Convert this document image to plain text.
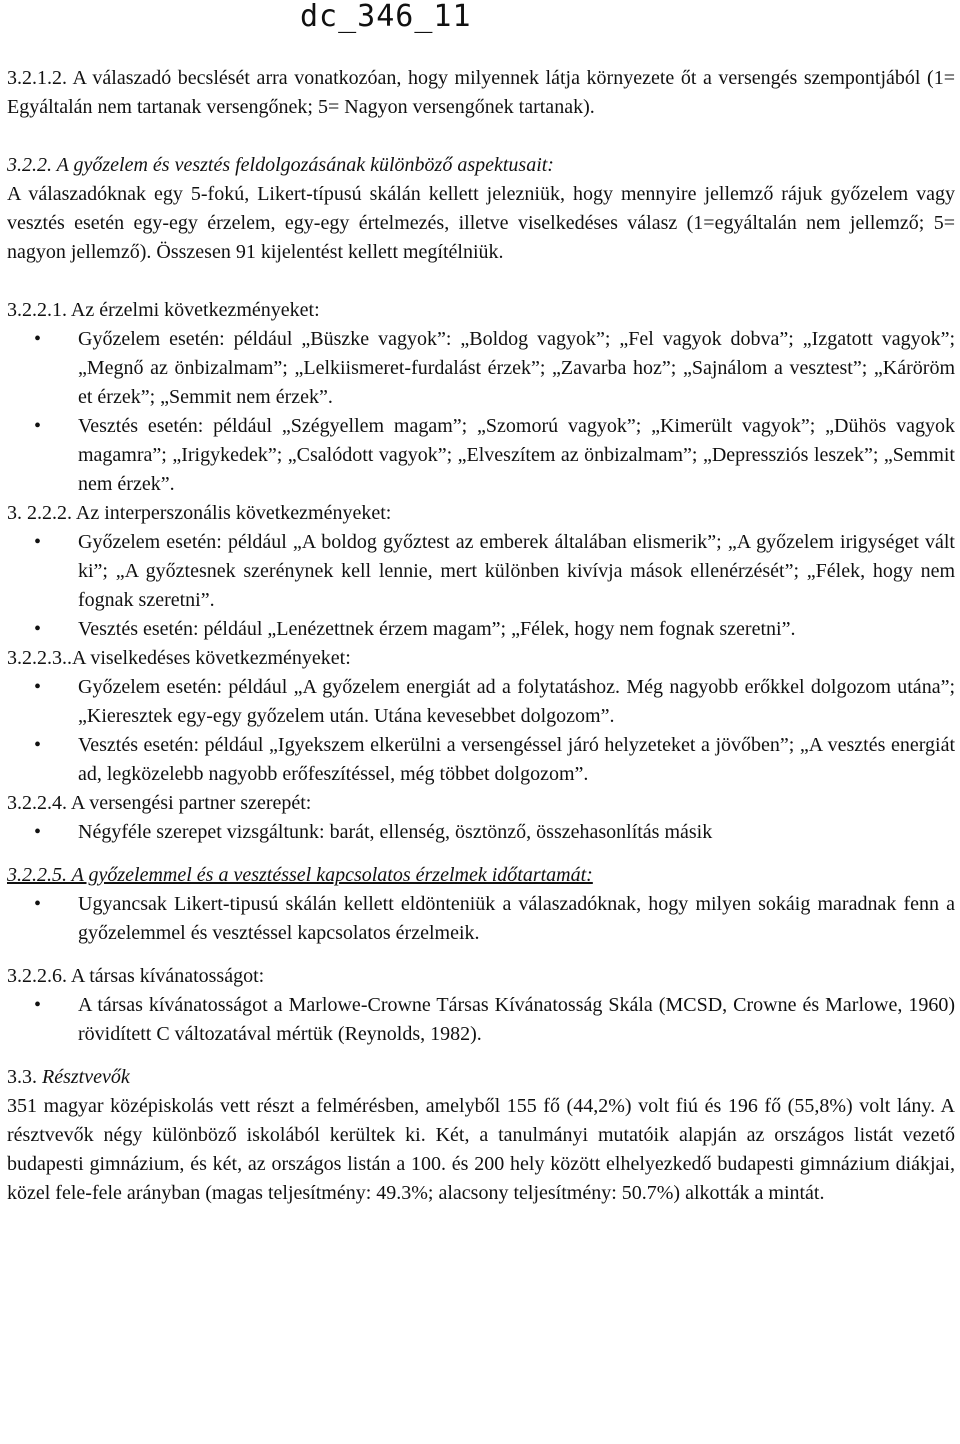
dc_346_11

3.2.1.2. A válaszadó becslését arra vonatkozóan, hogy milyennek látja környezete őt a versengés szempontjából (1= Egyáltalán nem tartanak versengőnek; 5= Nagyon versengőnek tartanak).

3.2.2. A győzelem és vesztés feldolgozásának különböző aspektusait:

A válaszadóknak egy 5-fokú, Likert-típusú skálán kellett jelezniük, hogy mennyire jellemző rájuk győzelem vagy vesztés esetén egy-egy érzelem, egy-egy értelmezés, illetve viselkedéses válasz (1=egyáltalán nem jellemző; 5= nagyon jellemző). Összesen 91 kijelentést kellett megítélniük.

3.2.2.1. Az érzelmi következményeket:

• Győzelem esetén: például „Büszke vagyok”: „Boldog vagyok”; „Fel vagyok dobva”; „Izgatott vagyok”; „Megnő az önbizalmam”; „Lelkiismeret-furdalást érzek”; „Zavarba hoz”; „Sajnálom a vesztest”; „Káröröm et érzek”; „Semmit nem érzek”.
• Vesztés esetén: például „Szégyellem magam”; „Szomorú vagyok”; „Kimerült vagyok”; „Dühös vagyok magamra”; „Irigykedek”; „Csalódott vagyok”; „Elveszítem az önbizalmam”; „Depressziós leszek”; „Semmit nem érzek”.

3. 2.2.2. Az interperszonális következményeket:

• Győzelem esetén: például „A boldog győztest az emberek általában elismerik”; „A győzelem irigységet vált ki”; „A győztesnek szerénynek kell lennie, mert különben kivívja mások ellenérzését”; „Félek, hogy nem fognak szeretni”.
• Vesztés esetén: például „Lenézettnek érzem magam”; „Félek, hogy nem fognak szeretni”.

3.2.2.3..A viselkedéses következményeket:

• Győzelem esetén: például „A győzelem energiát ad a folytatáshoz. Még nagyobb erőkkel dolgozom utána”; „Kieresztek egy-egy győzelem után. Utána kevesebbet dolgozom”.
• Vesztés esetén: például „Igyekszem elkerülni a versengéssel járó helyzeteket a jövőben”; „A vesztés energiát ad, legközelebb nagyobb erőfeszítéssel, még többet dolgozom”.

3.2.2.4. A versengési partner szerepét:

• Négyféle szerepet vizsgáltunk: barát, ellenség, ösztönző, összehasonlítás másik

3.2.2.5. A győzelemmel és a vesztéssel kapcsolatos érzelmek időtartamát:

• Ugyancsak Likert-tipusú skálán kellett eldönteniük a válaszadóknak, hogy milyen sokáig maradnak fenn a győzelemmel és vesztéssel kapcsolatos érzelmeik.

3.2.2.6. A társas kívánatosságot:

• A társas kívánatosságot a Marlowe-Crowne Társas Kívánatosság Skála (MCSD, Crowne és Marlowe, 1960) rövidített C változatával mértük (Reynolds, 1982).

3.3. Résztvevők

351 magyar középiskolás vett részt a felmérésben, amelyből 155 fő (44,2%) volt fiú és 196 fő (55,8%) volt lány. A résztvevők négy különböző iskolából kerültek ki. Két, a tanulmányi mutatóik alapján az országos listát vezető budapesti gimnázium, és két, az országos listán a 100. és 200 hely között elhelyezkedő budapesti gimnázium diákjai, közel fele-fele arányban (magas teljesítmény: 49.3%; alacsony teljesítmény: 50.7%) alkották a mintát.
